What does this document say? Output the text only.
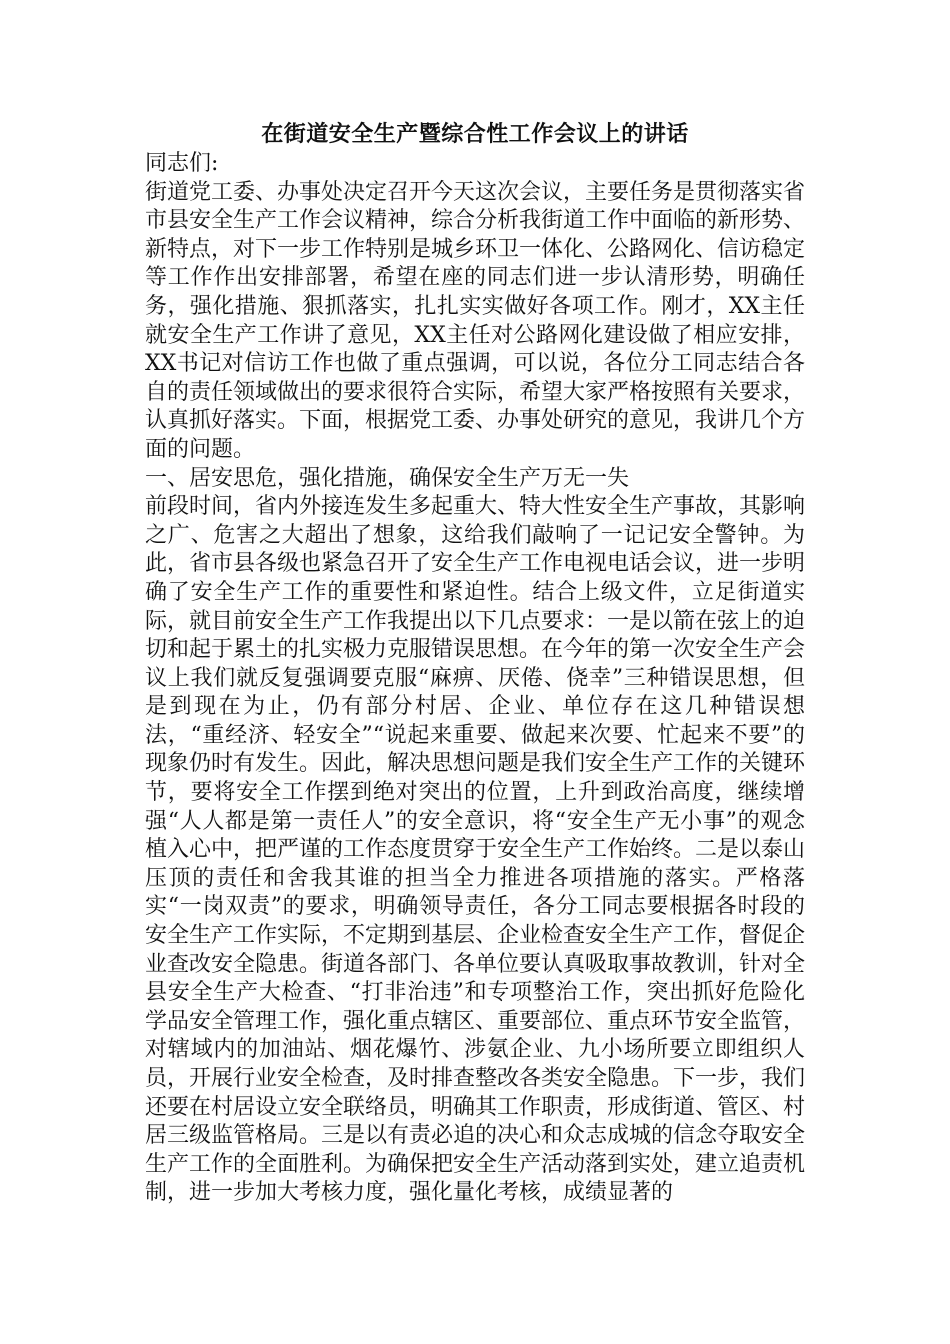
在街道安全生产暨综合性工作会议上的讲话

同志们:

街道党工委、办事处决定召开今天这次会议，主要任务是贯彻落实省市县安全生产工作会议精神，综合分析我街道工作中面临的新形势、新特点，对下一步工作特别是城乡环卫一体化、公路网化、信访稳定等工作作出安排部署，希望在座的同志们进一步认清形势，明确任务，强化措施、狠抓落实，扎扎实实做好各项工作。刚才，XX主任就安全生产工作讲了意见，XX主任对公路网化建设做了相应安排，XX书记对信访工作也做了重点强调，可以说，各位分工同志结合各自的责任领域做出的要求很符合实际，希望大家严格按照有关要求，认真抓好落实。下面，根据党工委、办事处研究的意见，我讲几个方面的问题。

一、居安思危，强化措施，确保安全生产万无一失

前段时间，省内外接连发生多起重大、特大性安全生产事故，其影响之广、危害之大超出了想象，这给我们敲响了一记记安全警钟。为此，省市县各级也紧急召开了安全生产工作电视电话会议，进一步明确了安全生产工作的重要性和紧迫性。结合上级文件，立足街道实际，就目前安全生产工作我提出以下几点要求：一是以箭在弦上的迫切和起于累土的扎实极力克服错误思想。在今年的第一次安全生产会议上我们就反复强调要克服“麻痹、厌倦、侥幸”三种错误思想，但是到现在为止，仍有部分村居、企业、单位存在这几种错误想法，“重经济、轻安全”“说起来重要、做起来次要、忙起来不要”的现象仍时有发生。因此，解决思想问题是我们安全生产工作的关键环节，要将安全工作摆到绝对突出的位置，上升到政治高度，继续增强“人人都是第一责任人”的安全意识，将“安全生产无小事”的观念植入心中，把严谨的工作态度贯穿于安全生产工作始终。二是以泰山压顶的责任和舍我其谁的担当全力推进各项措施的落实。严格落实“一岗双责”的要求，明确领导责任，各分工同志要根据各时段的安全生产工作实际，不定期到基层、企业检查安全生产工作，督促企业查改安全隐患。街道各部门、各单位要认真吸取事故教训，针对全县安全生产大检查、“打非治违”和专项整治工作，突出抓好危险化学品安全管理工作，强化重点辖区、重要部位、重点环节安全监管，对辖域内的加油站、烟花爆竹、涉氨企业、九小场所要立即组织人员，开展行业安全检查，及时排查整改各类安全隐患。下一步，我们还要在村居设立安全联络员，明确其工作职责，形成街道、管区、村居三级监管格局。三是以有责必追的决心和众志成城的信念夺取安全生产工作的全面胜利。为确保把安全生产活动落到实处，建立追责机制，进一步加大考核力度，强化量化考核，成绩显著的
